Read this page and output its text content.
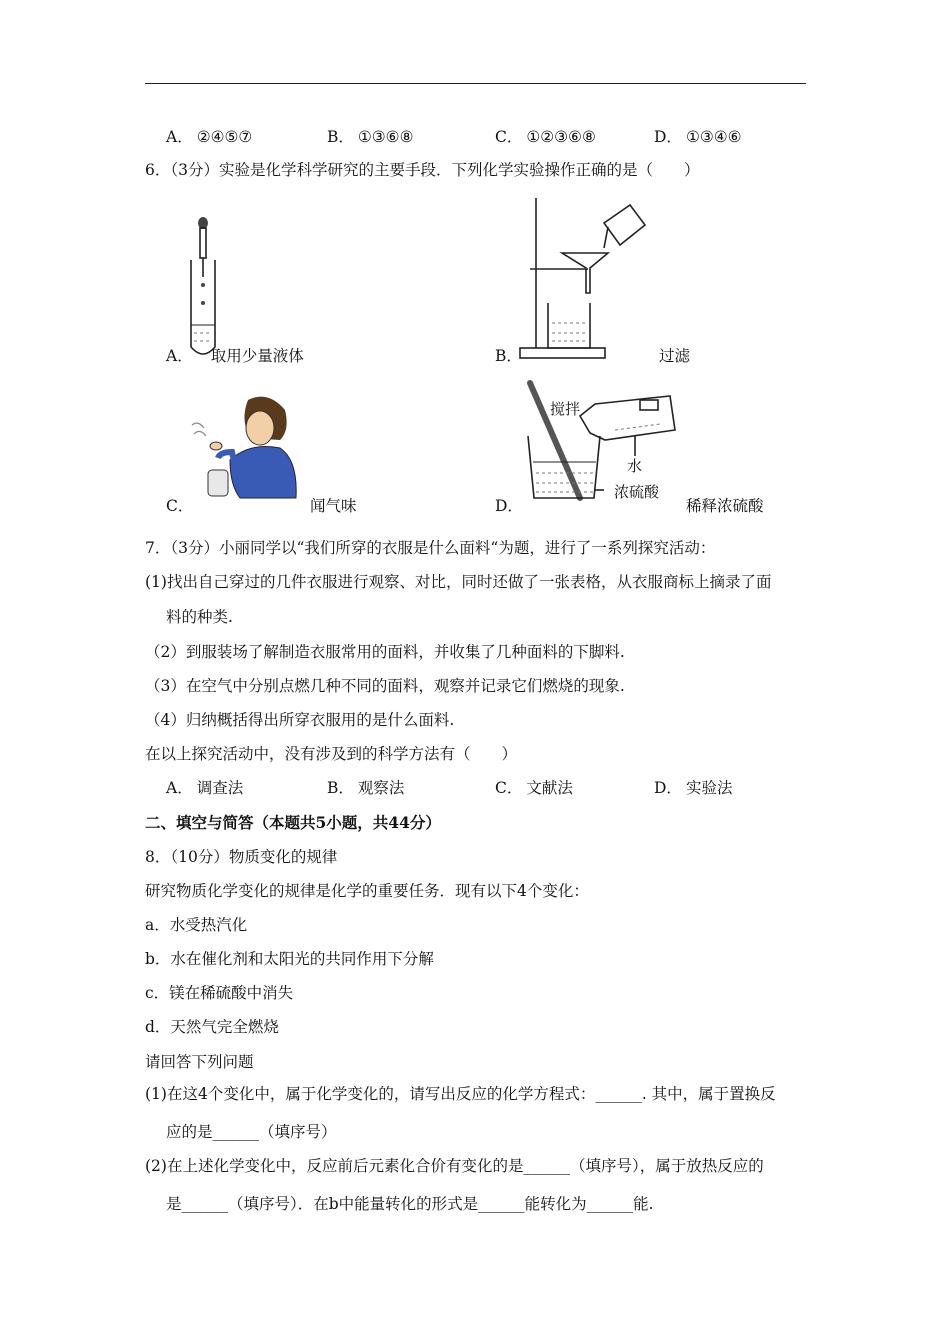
A． ②④⑤⑦	B． ①③⑥⑧	C． ①②③⑥⑧	D． ①③④⑥
6．（3分）实验是化学科学研究的主要手段．下列化学实验操作正确的是（　　）
A． 取用少量液体	B．	过滤
C．	闻气味
搅拌
水
浓硫酸
D．	稀释浓硫酸
7．（3分）小丽同学以“我们所穿的衣服是什么面料“为题，进行了一系列探究活动：
(1)找出自己穿过的几件衣服进行观察、对比，同时还做了一张表格，从衣服商标上摘录了面
料的种类.
（2）到服装场了解制造衣服常用的面料，并收集了几种面料的下脚料.
（3）在空气中分别点燃几种不同的面料，观察并记录它们燃烧的现象.
（4）归纳概括得出所穿衣服用的是什么面料.
在以上探究活动中，没有涉及到的科学方法有（　　）
A． 调查法	B． 观察法	C． 文献法	D． 实验法
二、填空与简答（本题共5小题，共44分）
8．（10分）物质变化的规律
研究物质化学变化的规律是化学的重要任务．现有以下4个变化：
a．水受热汽化
b．水在催化剂和太阳光的共同作用下分解
c．镁在稀硫酸中消失
d．天然气完全燃烧
请回答下列问题
(1)在这4个变化中，属于化学变化的，请写出反应的化学方程式：______. 其中，属于置换反
应的是______（填序号）
(2)在上述化学变化中，反应前后元素化合价有变化的是______（填序号），属于放热反应的
是______（填序号）．在b中能量转化的形式是______能转化为______能.
